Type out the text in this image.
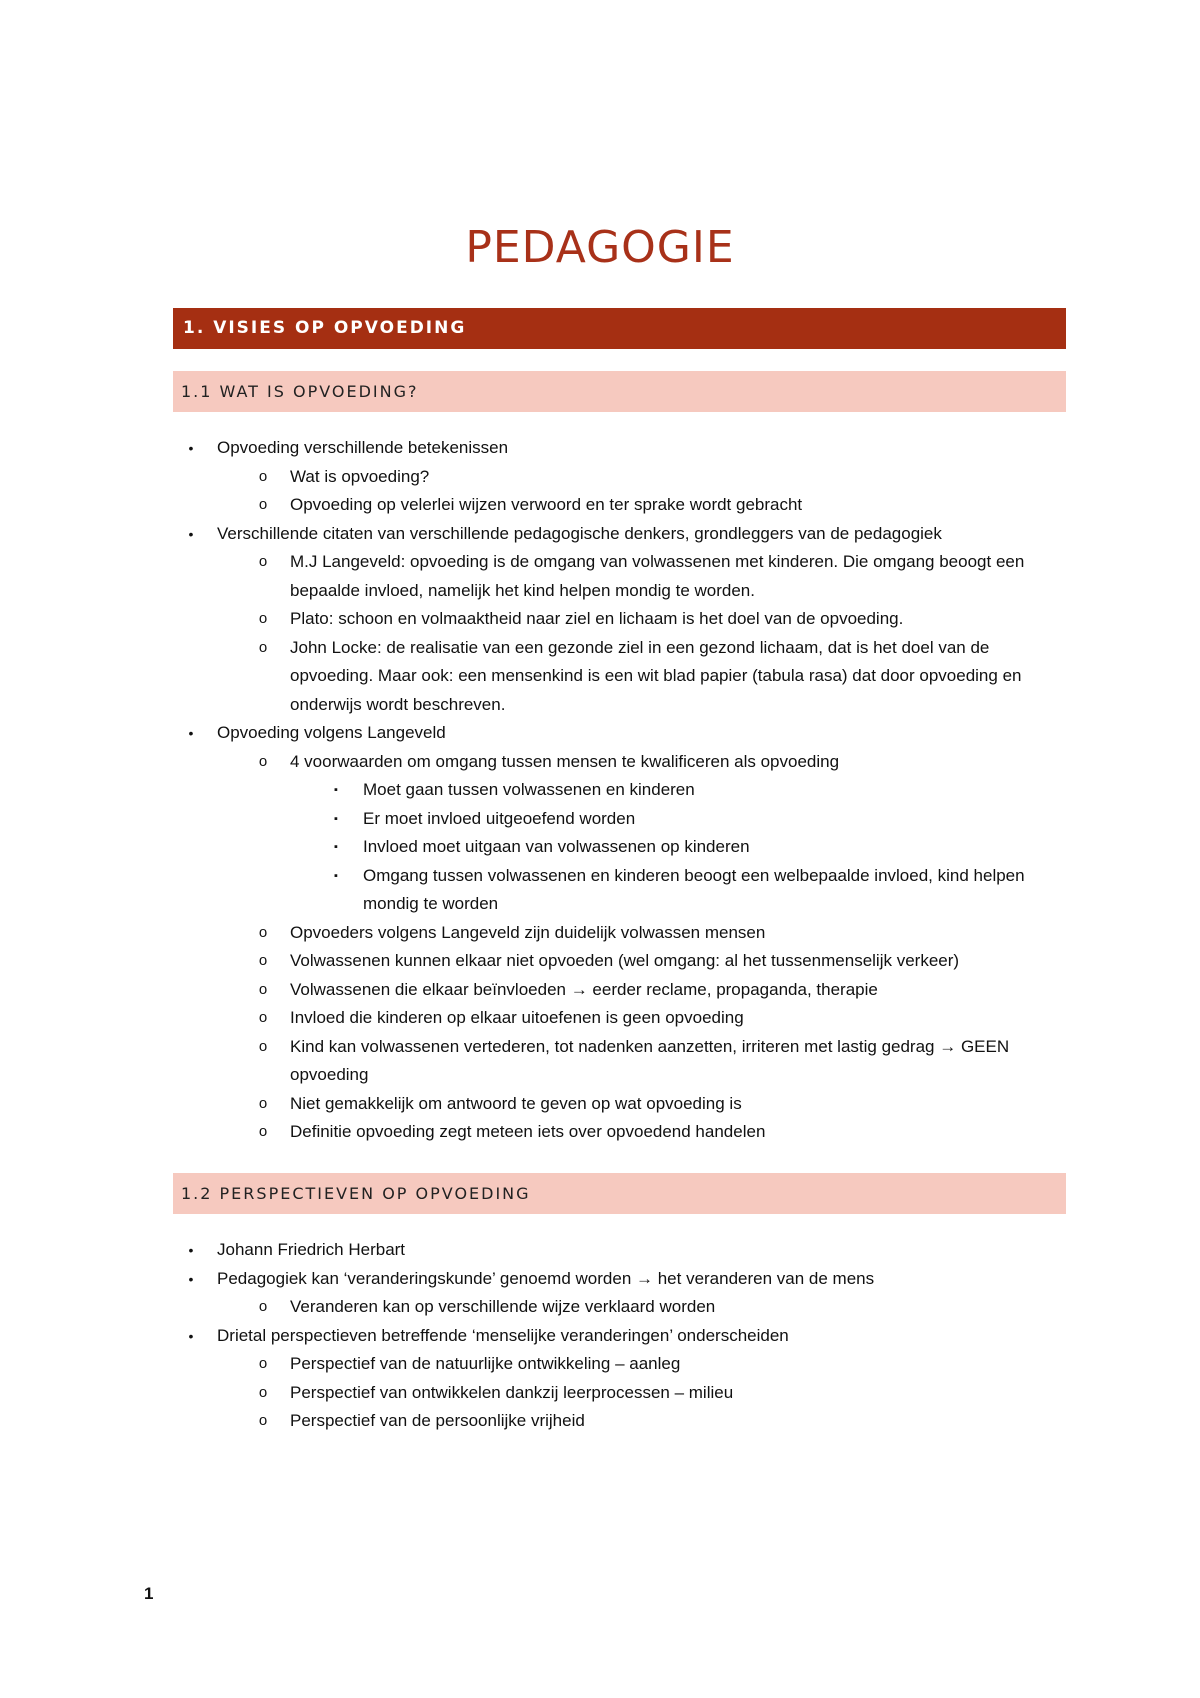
PEDAGOGIE
1. VISIES OP OPVOEDING
1.1 WAT IS OPVOEDING?
•	Opvoeding verschillende betekenissen
o	Wat is opvoeding?
o	Opvoeding op velerlei wijzen verwoord en ter sprake wordt gebracht
•	Verschillende citaten van verschillende pedagogische denkers, grondleggers van de pedagogiek
o	M.J Langeveld: opvoeding is de omgang van volwassenen met kinderen. Die omgang beoogt een bepaalde invloed, namelijk het kind helpen mondig te worden.
o	Plato: schoon en volmaaktheid naar ziel en lichaam is het doel van de opvoeding.
o	John Locke: de realisatie van een gezonde ziel in een gezond lichaam, dat is het doel van de opvoeding. Maar ook: een mensenkind is een wit blad papier (tabula rasa) dat door opvoeding en onderwijs wordt beschreven.
•	Opvoeding volgens Langeveld
o	4 voorwaarden om omgang tussen mensen te kwalificeren als opvoeding
▪	Moet gaan tussen volwassenen en kinderen
▪	Er moet invloed uitgeoefend worden
▪	Invloed moet uitgaan van volwassenen op kinderen
▪	Omgang tussen volwassenen en kinderen beoogt een welbepaalde invloed, kind helpen mondig te worden
o	Opvoeders volgens Langeveld zijn duidelijk volwassen mensen
o	Volwassenen kunnen elkaar niet opvoeden (wel omgang: al het tussenmenselijk verkeer)
o	Volwassenen die elkaar beïnvloeden → eerder reclame, propaganda, therapie
o	Invloed die kinderen op elkaar uitoefenen is geen opvoeding
o	Kind kan volwassenen vertederen, tot nadenken aanzetten, irriteren met lastig gedrag → GEEN opvoeding
o	Niet gemakkelijk om antwoord te geven op wat opvoeding is
o	Definitie opvoeding zegt meteen iets over opvoedend handelen
1.2 PERSPECTIEVEN OP OPVOEDING
•	Johann Friedrich Herbart
•	Pedagogiek kan ‘veranderingskunde’ genoemd worden → het veranderen van de mens
o	Veranderen kan op verschillende wijze verklaard worden
•	Drietal perspectieven betreffende ‘menselijke veranderingen’ onderscheiden
o	Perspectief van de natuurlijke ontwikkeling – aanleg
o	Perspectief van ontwikkelen dankzij leerprocessen – milieu
o	Perspectief van de persoonlijke vrijheid
1
